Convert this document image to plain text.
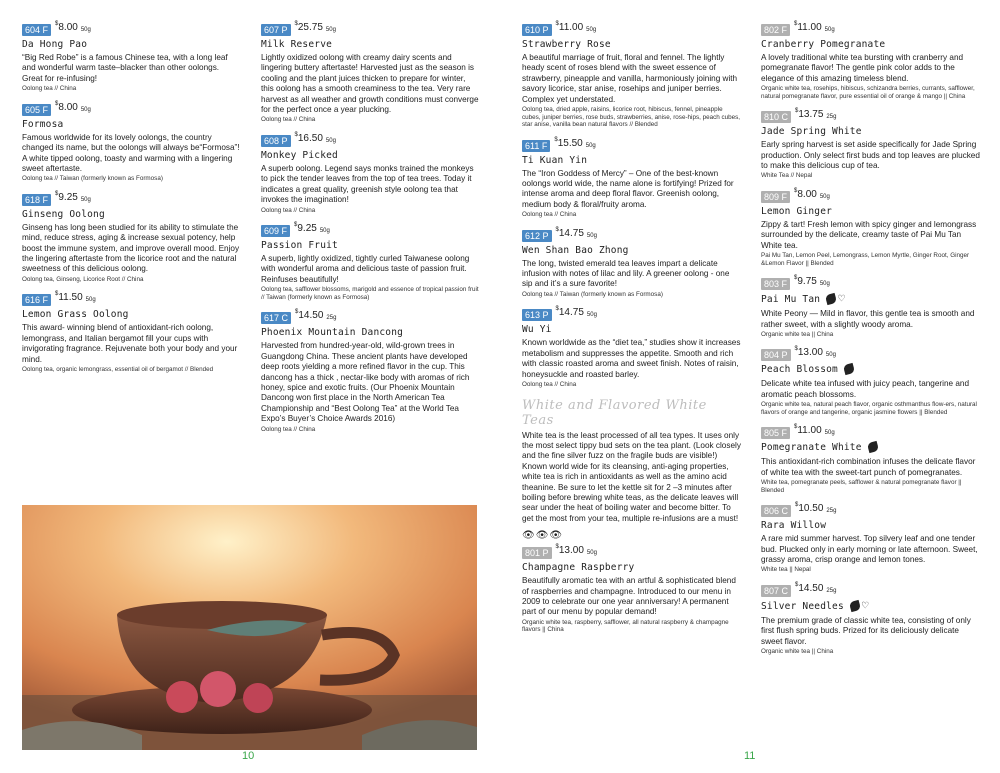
604 F
$8.00 50g
Da Hong Pao
“Big Red Robe” is a famous Chinese tea, with a long leaf and wonderful warm taste–blacker than other oolongs. Great for re-infusing!
Oolong tea // China
605 F
$8.00 50g
Formosa
Famous worldwide for its lovely oolongs, the country changed its name, but the oolongs will always be“Formosa”! A white tipped oolong, toasty and warming with a lingering sweet aftertaste.
Oolong tea // Taiwan (formerly known as Formosa)
618 F
$9.25 50g
Ginseng Oolong
Ginseng has long been studied for its ability to stimulate the mind, reduce stress, aging & increase sexual potency, help boost the immune system, and improve overall mood. Enjoy the lingering aftertaste from the licorice root and the natural sweetness of this delicious oolong.
Oolong tea, Ginseng, Licorice Root // China
616 F
$11.50 50g
Lemon Grass Oolong
This award- winning blend of antioxidant-rich oolong, lemongrass, and Italian bergamot fill your cups with invigorating fragrance. Rejuvenate both your body and your mind.
Oolong tea, organic lemongrass, essential oil of bergamot // Blended
607 P
$25.75 50g
Milk Reserve
Lightly oxidized oolong with creamy dairy scents and lingering buttery aftertaste! Harvested just as the season is cooling and the plant juices thicken to prepare for winter, this oolong has a smooth creaminess to the tea. Very rare harvest as all weather and growth conditions must converge for the perfect once a year plucking.
Oolong tea // China
608 P
$16.50 50g
Monkey Picked
A superb oolong. Legend says monks trained the monkeys to pick the tender leaves from the top of tea trees. Today it indicates a great quality, greenish style oolong tea that invokes the imagination!
Oolong tea // China
609 F
$9.25 50g
Passion Fruit
A superb, lightly oxidized, tightly curled Taiwanese oolong with wonderful aroma and delicious taste of passion fruit. Reinfuses beautifully!
Oolong tea, safflower blossoms, marigold and essence of tropical passion fruit // Taiwan (formerly known as Formosa)
617 C
$14.50 25g
Phoenix Mountain Dancong
Harvested from hundred-year-old, wild-grown trees in Guangdong China. These ancient plants have developed deep roots yielding a more refined flavor in the cup. This dancong has a thick , nectar-like body with aromas of rich honey, spice and exotic fruits. (Our Phoenix Mountain Dancong won first place in the North American Tea Championship and “Best Oolong Tea” at the World Tea Expo’s Buyer’s Choice Awards 2016)
Oolong tea // China
610 P
$11.00 50g
Strawberry Rose
A beautiful marriage of fruit, floral and fennel. The lightly heady scent of roses blend with the sweet essence of strawberry, pineapple and vanilla, harmoniously joining with savory licorice, star anise, rosehips and juniper berries. Complex yet understated.
Oolong tea, dried apple, raisins, licorice root, hibiscus, fennel, pineapple cubes, juniper berries, rose buds, strawberries, anise, rose-hips, peach cubes, star anise, vanilla bean natural flavors // Blended
611 F
$15.50 50g
Ti Kuan Yin
The “Iron Goddess of Mercy” – One of the best-known oolongs world wide, the name alone is fortifying! Prized for intense aroma and deep floral flavor. Greenish oolong, medium body & floral/fruity aroma.
Oolong tea // China
612 P
$14.75 50g
Wen Shan Bao Zhong
The long, twisted emerald tea leaves impart a delicate infusion with notes of lilac and lily. A greener oolong - one sip and it’s a sure favorite!
Oolong tea // Taiwan (formerly known as Formosa)
613 P
$14.75 50g
Wu Yi
Known worldwide as the “diet tea,” studies show it increases metabolism and suppresses the appetite. Smooth and rich with classic roasted aroma and sweet finish. Notes of raisin, honeysuckle and roasted barley.
Oolong tea // China
White and Flavored White Teas
White tea is the least processed of all tea types. It uses only the most select tippy bud sets on the tea plant. (Look closely and the fine silver fuzz on the fragile buds are visible!) Known world wide for its cleansing, anti-aging properties, white tea is rich in antioxidants as well as the amino acid theanine. Be sure to let the kettle sit for 2 –3 minutes after boiling before brewing white teas, as the delicate leaves will sear under the heat of boiling water and become bitter. To get the most from your tea, multiple re-infusions are a must!
👁👁👁
801 P
$13.00 50g
Champagne Raspberry
Beautifully aromatic tea with an artful & sophisticated blend of raspberries and champagne. Introduced to our menu in 2009 to celebrate our one year anniversary! A permanent part of our menu by popular demand!
Organic white tea, raspberry, safflower, all natural raspberry & champagne flavors || China
802 F
$11.00 50g
Cranberry Pomegranate
A lovely traditional white tea bursting with cranberry and pomegranate flavor! The gentle pink color adds to the elegance of this amazing timeless blend.
Organic white tea, rosehips, hibiscus, schizandra berries, currants, safflower, natural pomegranate flavor, pure essential oil of orange & mango || China
810 C
$13.75 25g
Jade Spring White
Early spring harvest is set aside specifically for Jade Spring production. Only select first buds and top leaves are plucked to make this delicious cup of tea.
White Tea // Nepal
809 F
$8.00 50g
Lemon Ginger
Zippy & tart! Fresh lemon with spicy ginger and lemongrass surrounded by the delicate, creamy taste of Pai Mu Tan White tea.
Pai Mu Tan, Lemon Peel, Lemongrass, Lemon Myrtle, Ginger Root, Ginger &Lemon Flavor || Blended
803 F
$9.75 50g
Pai Mu Tan ♡
White Peony — Mild in flavor, this gentle tea is smooth and rather sweet, with a slightly woody aroma.
Organic white tea || China
804 P
$13.00 50g
Peach Blossom
Delicate white tea infused with juicy peach, tangerine and aromatic peach blossoms.
Organic white tea, natural peach flavor, organic osthmanthus flow-ers, natural flavors of orange and tangerine, organic jasmine flowers || Blended
805 F
$11.00 50g
Pomegranate White
This antioxidant-rich combination infuses the delicate flavor of white tea with the sweet-tart punch of pomegranates.
White tea, pomegranate peels, safflower & natural pomegranate flavor || Blended
806 C
$10.50 25g
Rara Willow
A rare mid summer harvest. Top silvery leaf and one tender bud. Plucked only in early morning or late afternoon. Sweet, grassy aroma, crisp orange and lemon tones.
White tea || Nepal
807 C
$14.50 25g
Silver Needles ♡
The premium grade of classic white tea, consisting of only first flush spring buds. Prized for its deliciously delicate sweet flavor.
Organic white tea || China
10	11
